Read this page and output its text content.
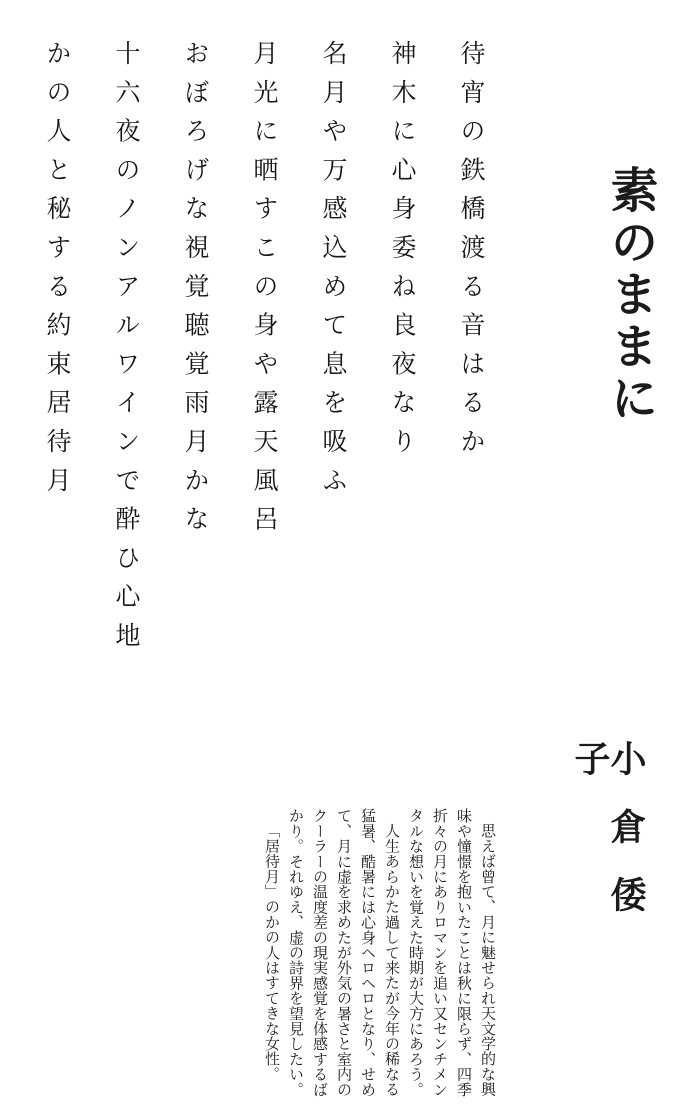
素のままに
小倉倭子
待宵の鉄橋渡る音はるか
神木に心身委ね良夜なり
名月や万感込めて息を吸ふ
月光に晒すこの身や露天風呂
おぼろげな視覚聴覚雨月かな
十六夜のノンアルワインで酔ひ心地
かの人と秘する約束居待月

思えば曾て、月に魅せられ天文学的な興味や憧憬を抱いたことは秋に限らず、四季折々の月にありロマンを追い又センチメンタルな想いを覚えた時期が大方にあろう。

人生あらかた過して来たが今年の稀なる猛暑、酷暑には心身ヘロヘロとなり、せめて、月に虚を求めたが外気の暑さと室内のクーラーの温度差の現実感覚を体感するばかり。それゆえ、虚の詩界を望見したい。

「居待月」のかの人はすてきな女性。
